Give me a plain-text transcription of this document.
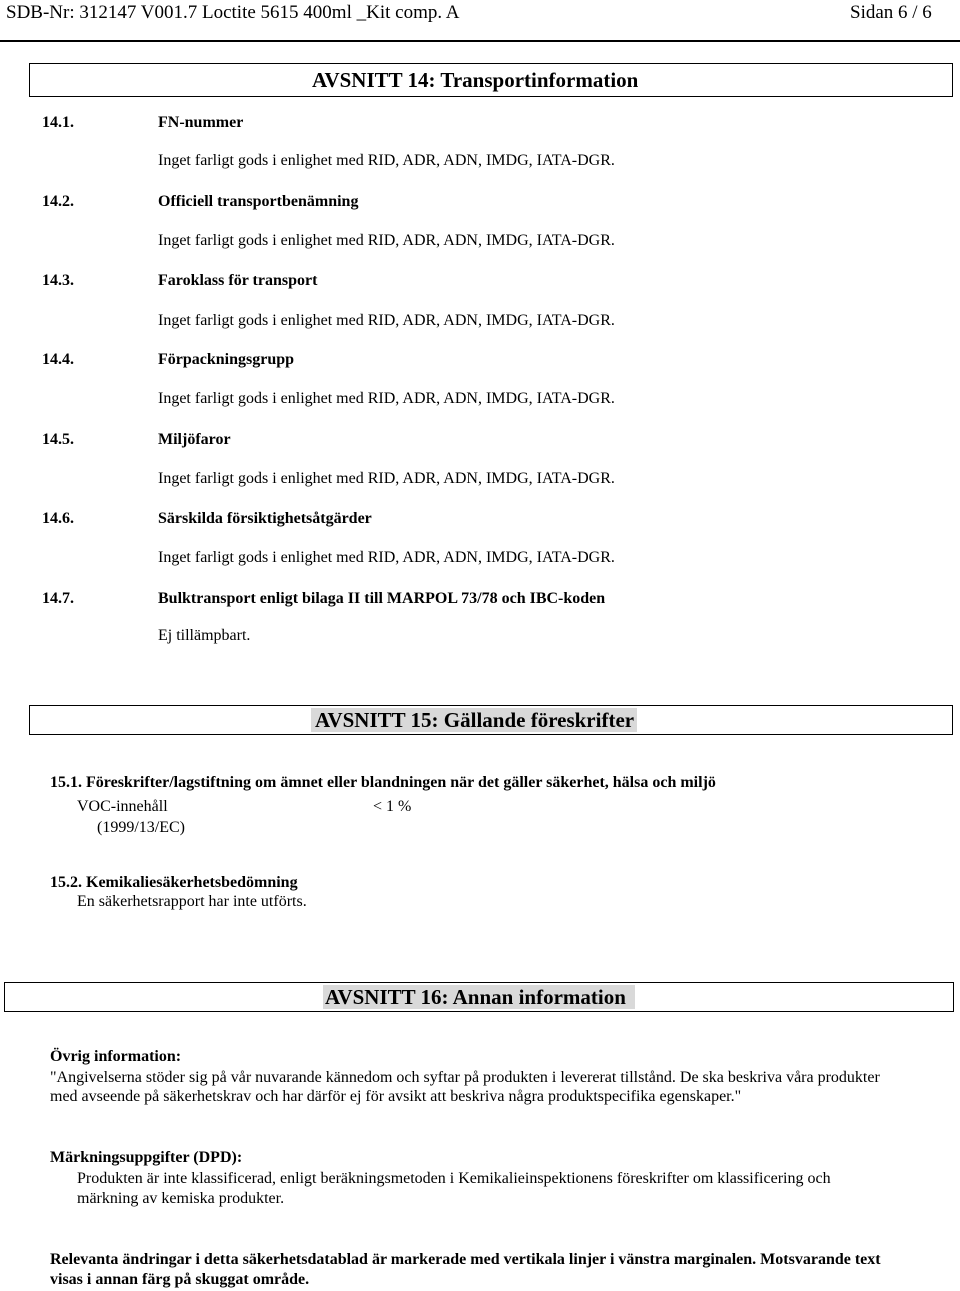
SDB-Nr: 312147 V001.7 Loctite 5615 400ml _Kit comp. A	Sidan 6 / 6
AVSNITT 14: Transportinformation
14.1.	FN-nummer
Inget farligt gods i enlighet med RID, ADR, ADN, IMDG, IATA-DGR.
14.2.	Officiell transportbenämning
Inget farligt gods i enlighet med RID, ADR, ADN, IMDG, IATA-DGR.
14.3.	Faroklass för transport
Inget farligt gods i enlighet med RID, ADR, ADN, IMDG, IATA-DGR.
14.4.	Förpackningsgrupp
Inget farligt gods i enlighet med RID, ADR, ADN, IMDG, IATA-DGR.
14.5.	Miljöfaror
Inget farligt gods i enlighet med RID, ADR, ADN, IMDG, IATA-DGR.
14.6.	Särskilda försiktighetsåtgärder
Inget farligt gods i enlighet med RID, ADR, ADN, IMDG, IATA-DGR.
14.7.	Bulktransport enligt bilaga II till MARPOL 73/78 och IBC-koden
Ej tillämpbart.
AVSNITT 15: Gällande föreskrifter
15.1. Föreskrifter/lagstiftning om ämnet eller blandningen när det gäller säkerhet, hälsa och miljö
VOC-innehåll	< 1 %
(1999/13/EC)
15.2. Kemikaliesäkerhetsbedömning
En säkerhetsrapport har inte utförts.
AVSNITT 16: Annan information
Övrig information:
"Angivelserna stöder sig på vår nuvarande kännedom och syftar på produkten i levererat tillstånd. De ska beskriva våra produkter
med avseende på säkerhetskrav och har därför ej för avsikt att beskriva några produktspecifika egenskaper."
Märkningsuppgifter (DPD):
Produkten är inte klassificerad, enligt beräkningsmetoden i Kemikalieinspektionens föreskrifter om klassificering och
märkning av kemiska produkter.
Relevanta ändringar i detta säkerhetsdatablad är markerade med vertikala linjer i vänstra marginalen. Motsvarande text
visas i annan färg på skuggat område.
